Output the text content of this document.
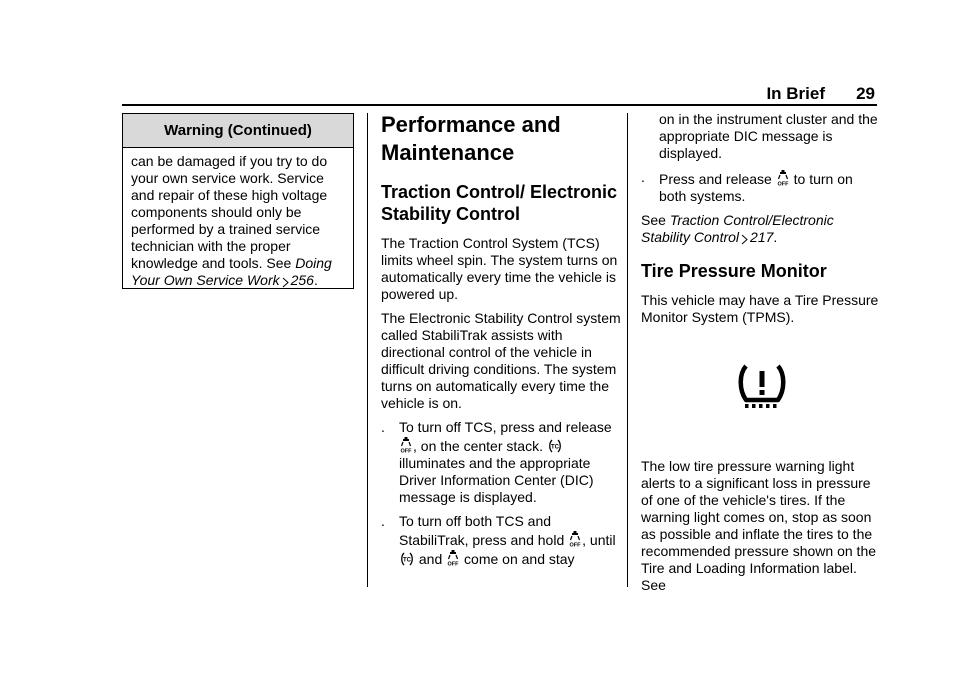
In Brief 29
Warning (Continued)
can be damaged if you try to do your own service work. Service and repair of these high voltage components should only be performed by a trained service technician with the proper knowledge and tools. See Doing Your Own Service Work 256.
Performance and Maintenance
Traction Control/ Electronic Stability Control

The Traction Control System (TCS) limits wheel spin. The system turns on automatically every time the vehicle is powered up.

The Electronic Stability Control system called StabiliTrak assists with directional control of the vehicle in difficult driving conditions. The system turns on automatically every time the vehicle is on.

.	To turn off TCS, press and release , on the center stack.  illuminates and the appropriate Driver Information Center (DIC) message is displayed.
.	To turn off both TCS and StabiliTrak, press and hold , until  and  come on and stay
on in the instrument cluster and the appropriate DIC message is displayed.
.	Press and release  to turn on both systems.

See Traction Control/Electronic Stability Control 217.

Tire Pressure Monitor

This vehicle may have a Tire Pressure Monitor System (TPMS).

The low tire pressure warning light alerts to a significant loss in pressure of one of the vehicle's tires. If the warning light comes on, stop as soon as possible and inflate the tires to the recommended pressure shown on the Tire and Loading Information label. See
